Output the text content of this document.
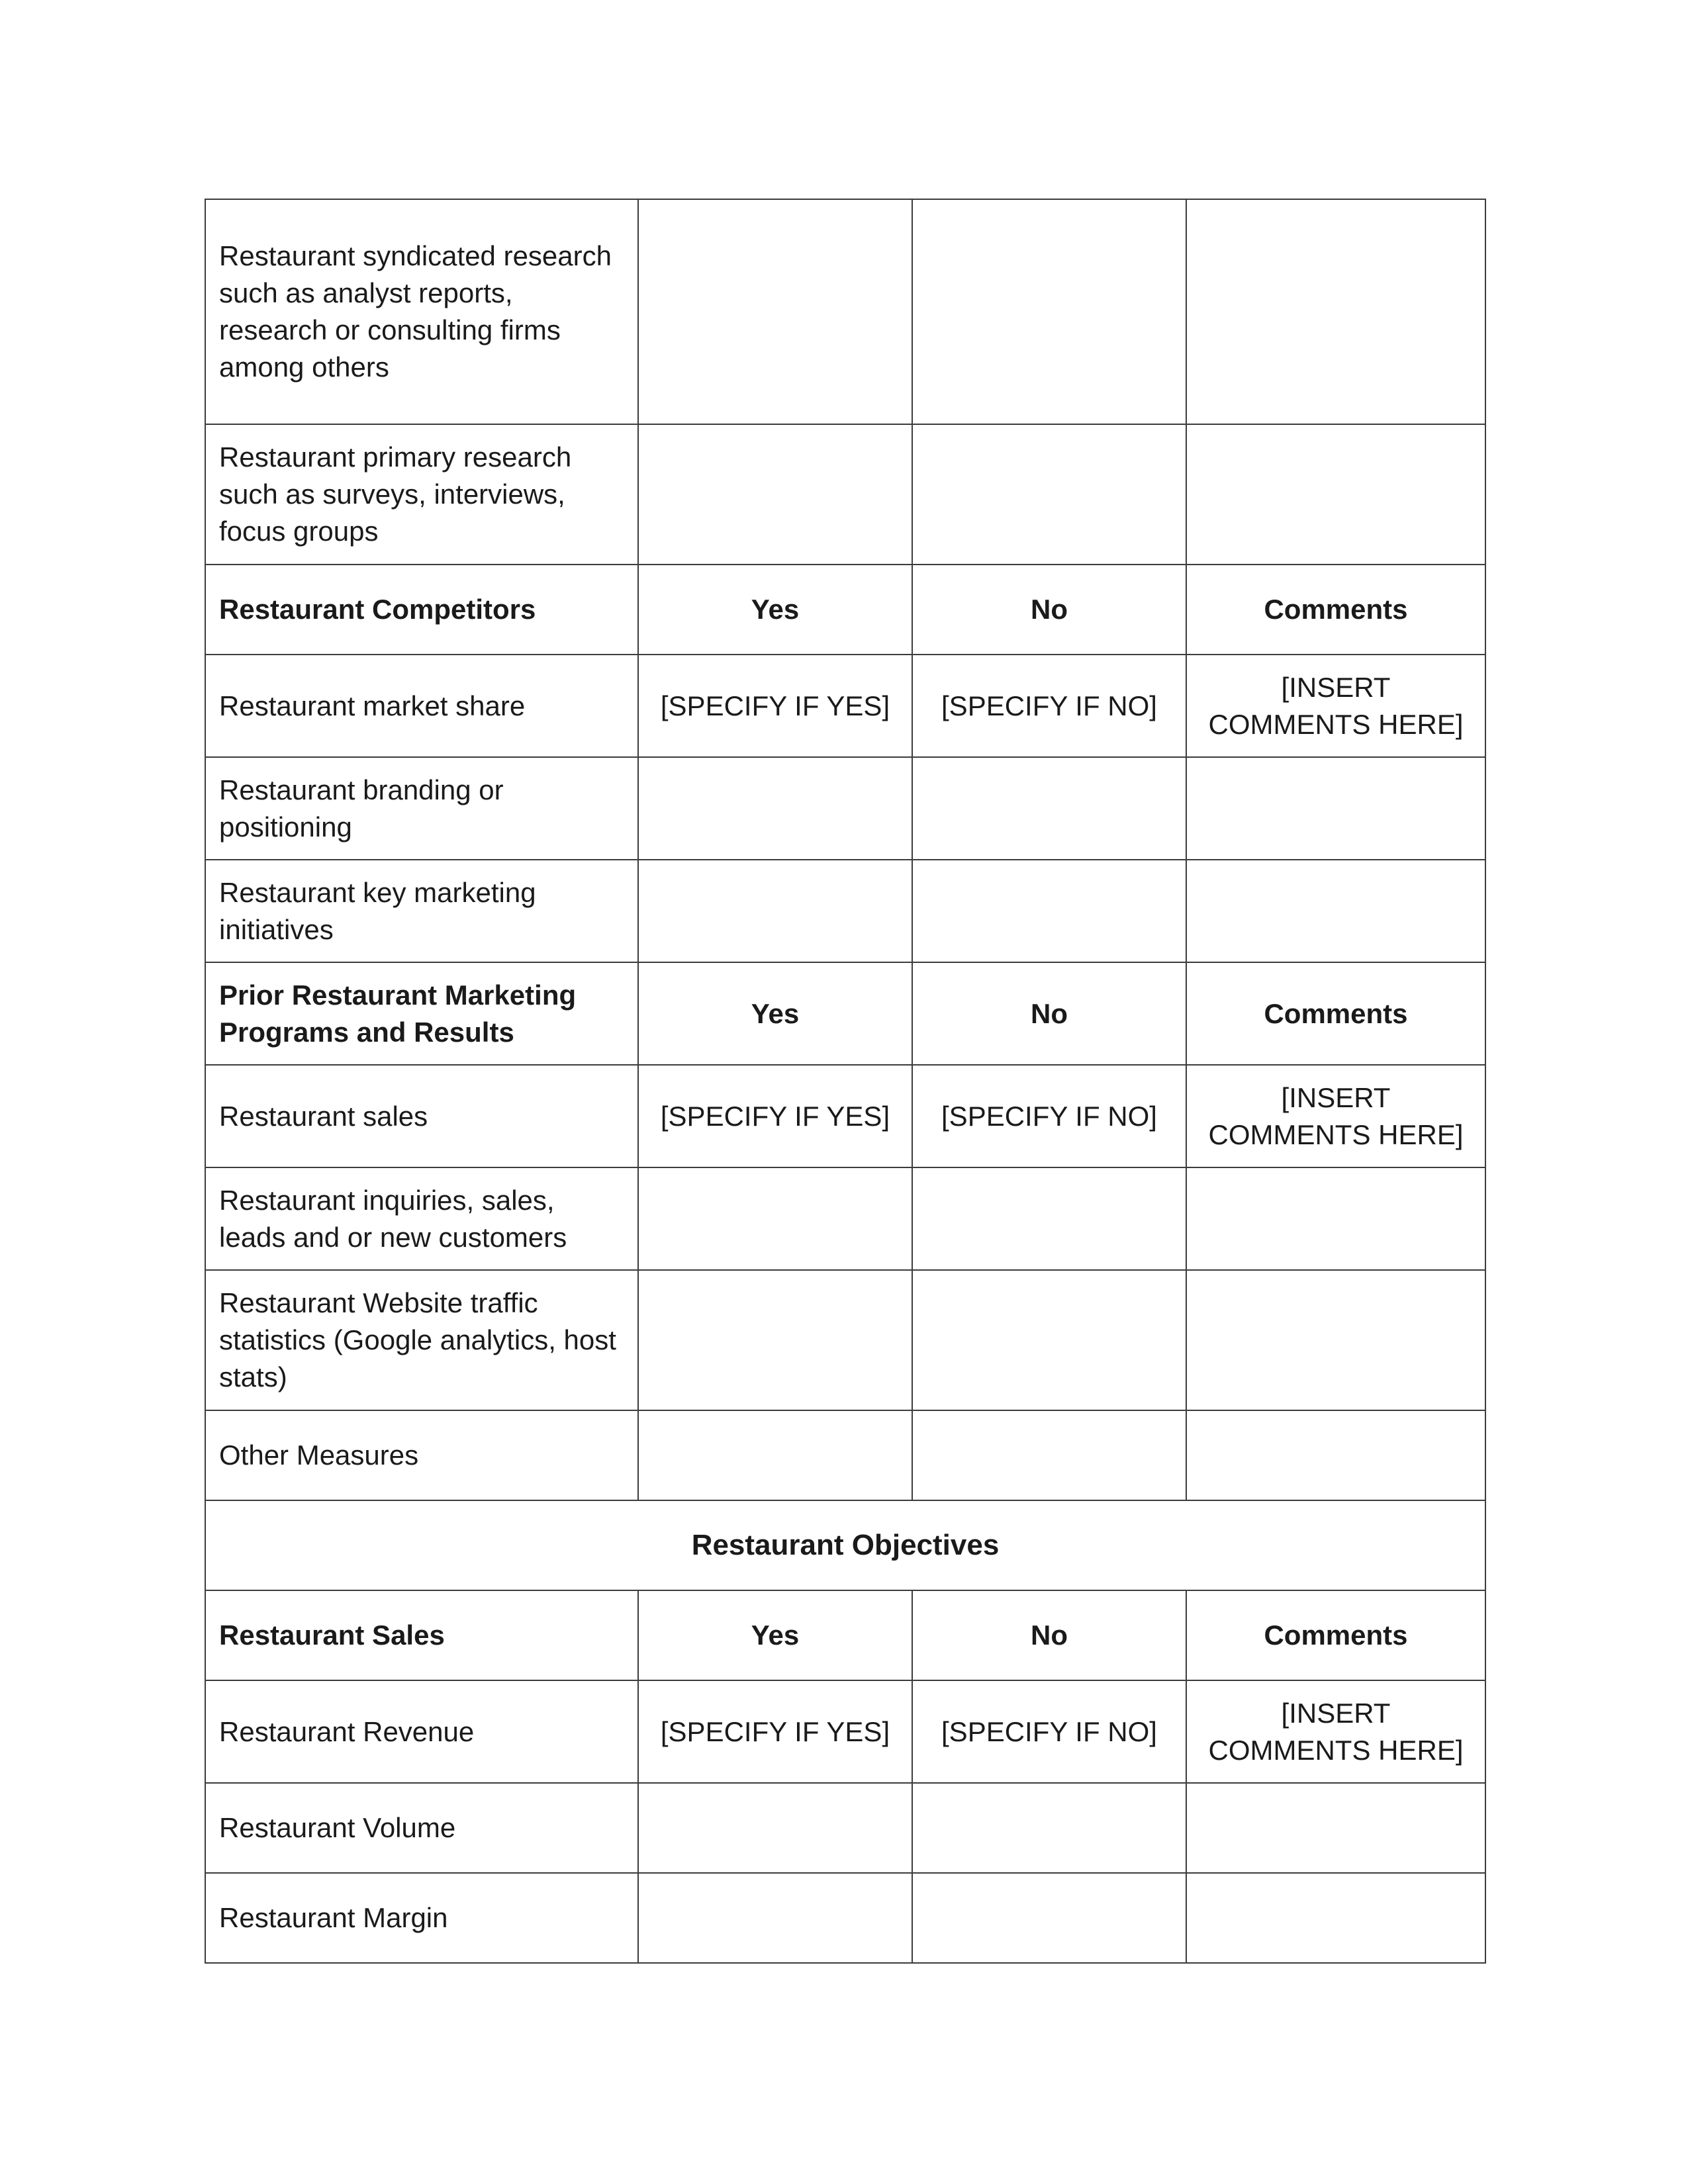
Restaurant syndicated research such as analyst reports, research or consulting firms among others			
Restaurant primary research such as surveys, interviews, focus groups			
Restaurant Competitors	Yes	No	Comments
Restaurant market share	[SPECIFY IF YES]	[SPECIFY IF NO]	[INSERT COMMENTS HERE]
Restaurant branding or positioning			
Restaurant key marketing initiatives			
Prior Restaurant Marketing Programs and Results	Yes	No	Comments
Restaurant sales	[SPECIFY IF YES]	[SPECIFY IF NO]	[INSERT COMMENTS HERE]
Restaurant inquiries, sales, leads and or new customers			
Restaurant Website traffic statistics (Google analytics, host stats)			
Other Measures			
Restaurant Objectives			
Restaurant Sales	Yes	No	Comments
Restaurant Revenue	[SPECIFY IF YES]	[SPECIFY IF NO]	[INSERT COMMENTS HERE]
Restaurant Volume			
Restaurant Margin			
